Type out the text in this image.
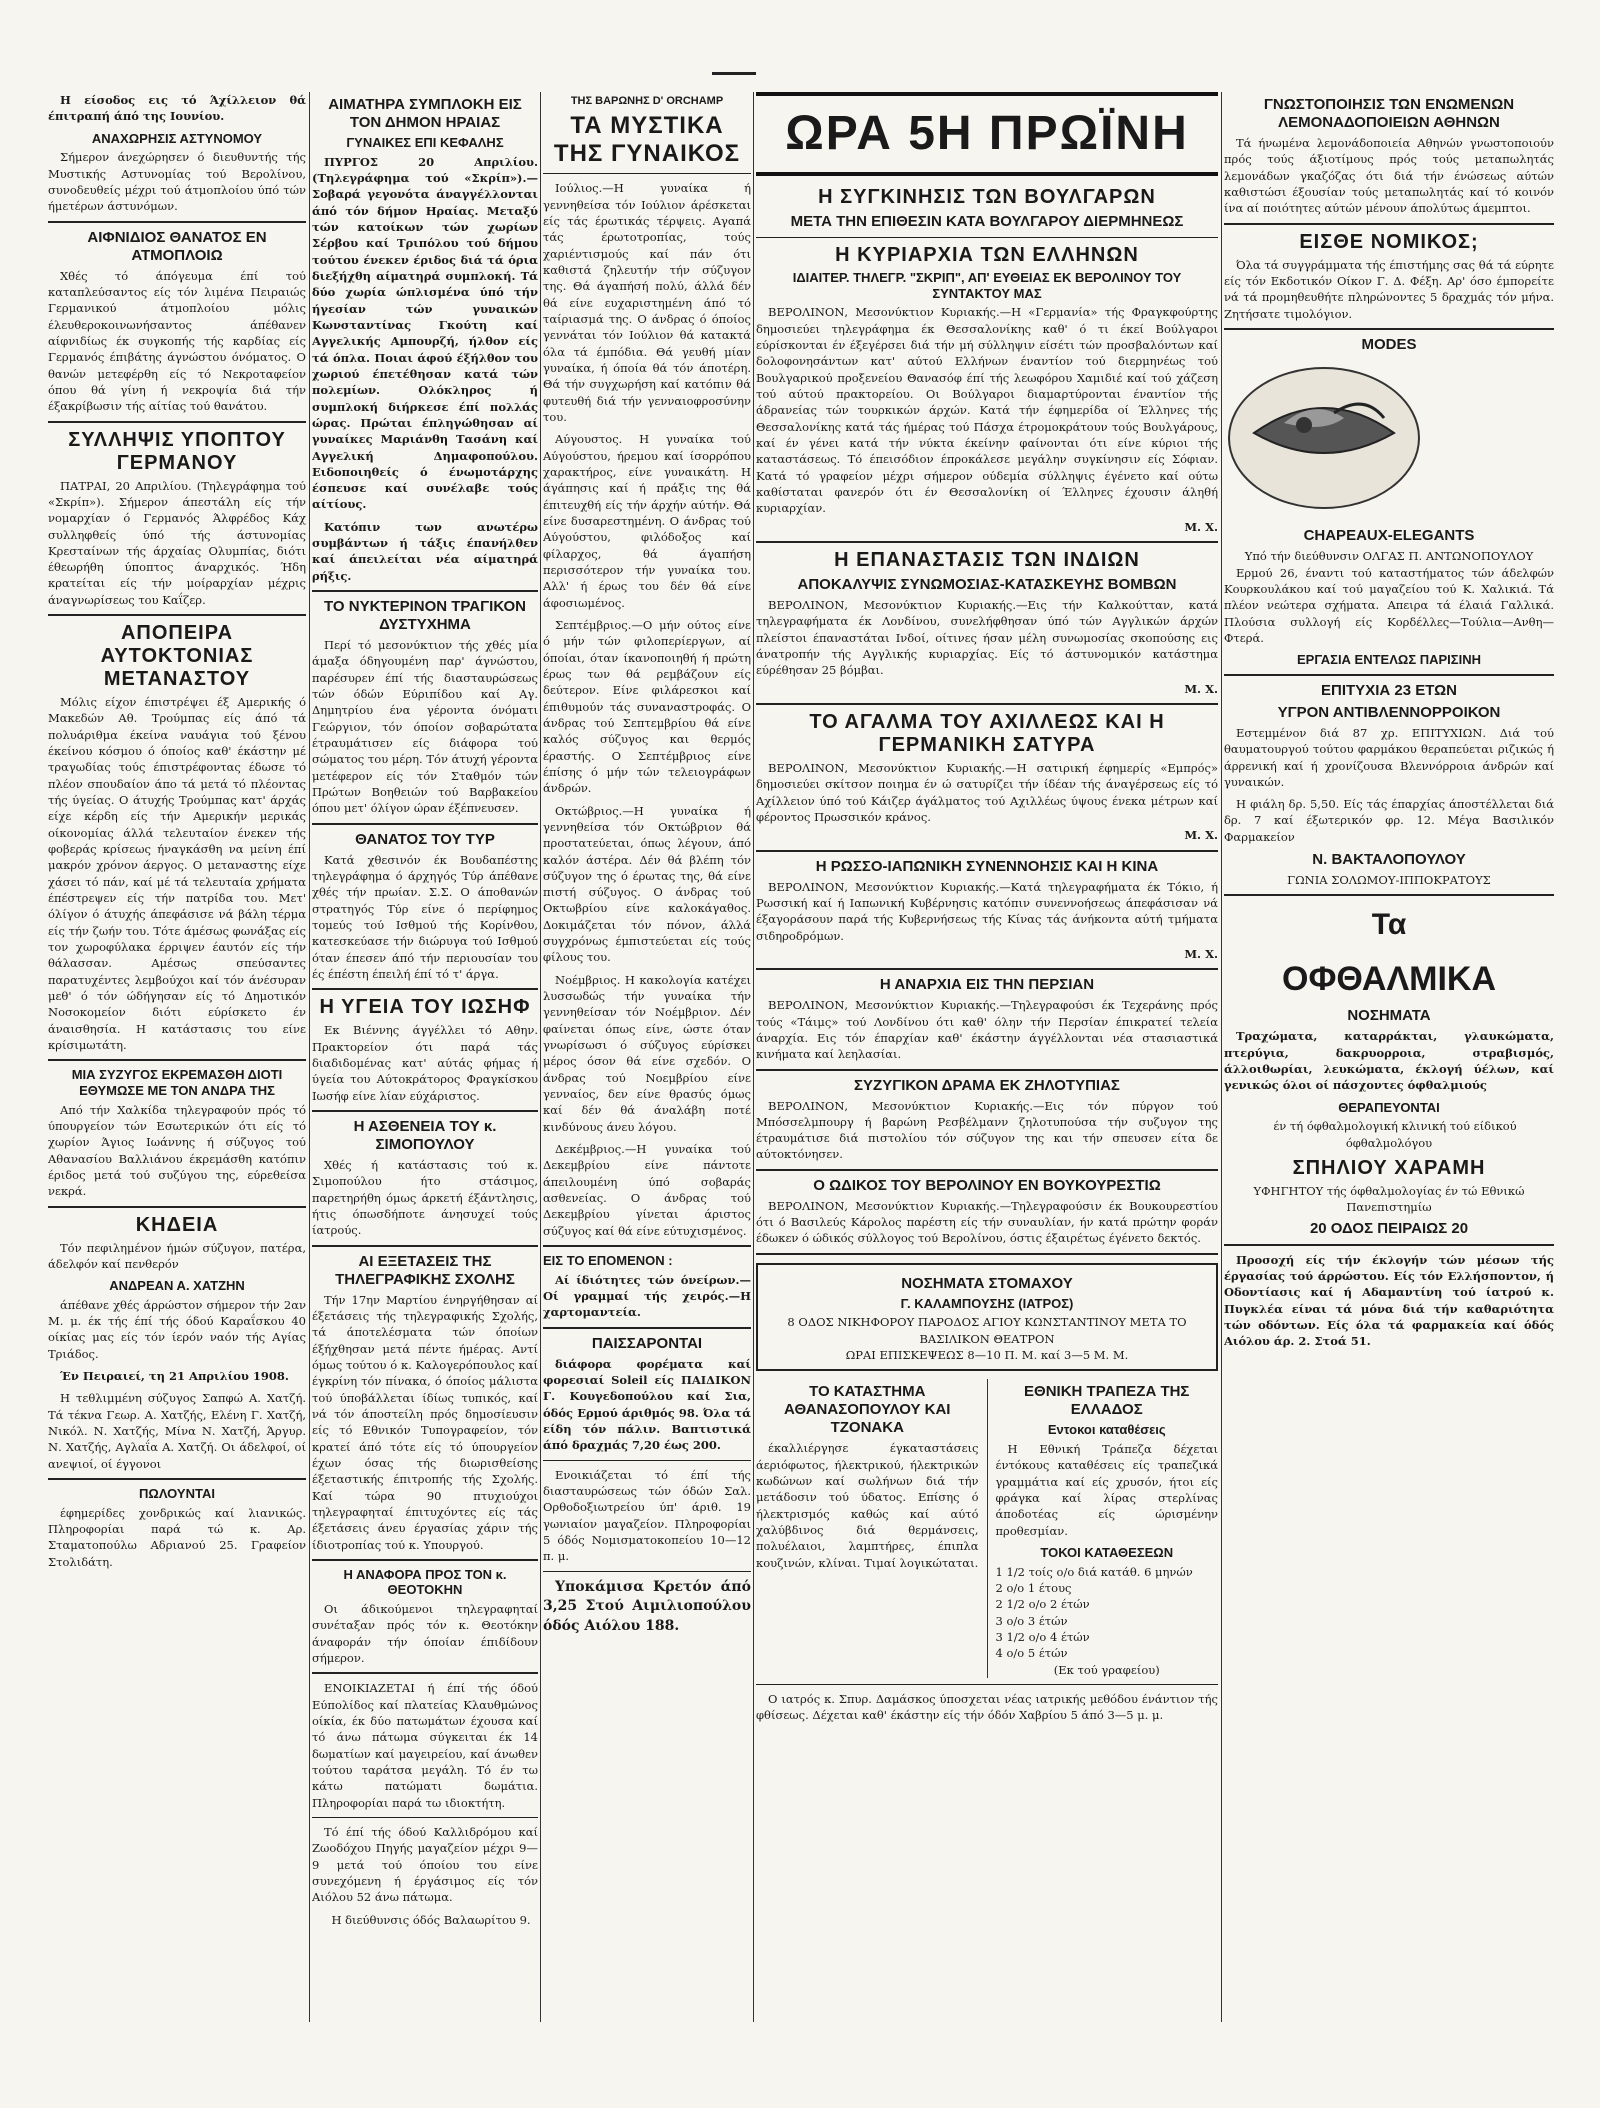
Η είσοδος εις τό Άχίλλειον θά έπιτραπή άπό της Ιουνίου.

ΑΝΑΧΩΡΗΣΙΣ ΑΣΤΥΝΟΜΟΥ

Σήμερον άνεχώρησεν ό διευθυντής τής Μυστικής Αστυνομίας τού Βερολίνου, συνοδευθείς μέχρι τού άτμοπλοίου ύπό τών ήμετέρων άστυνόμων.

ΑΙΦΝΙΔΙΟΣ ΘΑΝΑΤΟΣ ΕΝ ΑΤΜΟΠΛΟΙΩ

Χθές τό άπόγευμα έπί τού καταπλεύσαντος είς τόν λιμένα Πειραιώς Γερμανικού άτμοπλοίου μόλις έλευθεροκοινωνήσαντος άπέθανεν αίφνιδίως έκ συγκοπής τής καρδίας είς Γερμανός έπιβάτης άγνώστου όνόματος. Ο θανών μετεφέρθη είς τό Νεκροταφείον όπου θά γίνη ή νεκροψία διά τήν έξακρίβωσιν τής αίτίας τού θανάτου.

ΣΥΛΛΗΨΙΣ ΥΠΟΠΤΟΥ ΓΕΡΜΑΝΟΥ

ΠΑΤΡΑΙ, 20 Απριλίου. (Τηλεγράφημα τού «Σκρίπ»). Σήμερον άπεστάλη είς τήν νομαρχίαν ό Γερμανός Άλφρέδος Κάχ συλληφθείς ύπό τής άστυνομίας Κρεσταίνων τής άρχαίας Ολυμπίας, διότι έθεωρήθη ύποπτος άναρχικός. Ήδη κρατείται είς τήν μοίραρχίαν μέχρις άναγνωρίσεως του Καΐζερ.

ΑΠΟΠΕΙΡΑ ΑΥΤΟΚΤΟΝΙΑΣ ΜΕΤΑΝΑΣΤΟΥ

Μόλις είχον έπιστρέψει έξ Αμερικής ό Μακεδών Αθ. Τρούμπας είς άπό τά πολυάριθμα έκείνα ναυάγια τού ξένου έκείνου κόσμου ό όποίος καθ' έκάστην μέ τραγωδίας τούς έπιστρέφοντας έδωσε τό πλέον σπουδαίον άπο τά μετά τό πλέοντας τής ύγείας. Ο άτυχής Τρούμπας κατ' άρχάς είχε κέρδη είς τήν Αμερικήν μερικάς οίκονομίας άλλά τελευταίον ένεκεν τής φοβεράς κρίσεως ήναγκάσθη να μείνη έπί μακρόν χρόνον άεργος. Ο μεταναστης είχε χάσει τό πάν, καί μέ τά τελευταία χρήματα έπέστρεψεν είς τήν πατρίδα του. Μετ' όλίγον ό άτυχής άπεφάσισε νά βάλη τέρμα είς τήν ζωήν του. Τότε άμέσως φωνάξας είς τον χωροφύλακα έρριψεν έαυτόν είς τήν θάλασσαν. Αμέσως σπεύσαντες παρατυχέντες λεμβούχοι καί τόν άνέσυραν μεθ' ό τόν ώδήγησαν είς τό Δημοτικόν Νοσοκομείον διότι εύρίσκετο έν άναισθησία. Η κατάστασις του είνε κρίσιμωτάτη.

ΜΙΑ ΣΥΖΥΓΟΣ ΕΚΡΕΜΑΣΘΗ ΔΙΟΤΙ ΕΘΥΜΩΣΕ ΜΕ ΤΟΝ ΑΝΔΡΑ ΤΗΣ

Από τήν Χαλκίδα τηλεγραφούν πρός τό ύπουργείον τών Εσωτερικών ότι είς τό χωρίον Άγιος Ιωάννης ή σύζυγος τού Αθανασίου Βαλλιάνου έκρεμάσθη κατόπιν έριδος μετά τού συζύγου της, εύρεθείσα νεκρά.

ΚΗΔΕΙΑ

Τόν πεφιλημένον ήμών σύζυγον, πατέρα, άδελφόν καί πενθερόν

ΑΝΔΡΕΑΝ Α. ΧΑΤΖΗΝ

άπέθανε χθές άρρώστον σήμερον τήν 2αν Μ. μ. έκ τής έπί τής όδού Καραΐσκου 40 οίκίας μας είς τόν ίερόν ναόν τής Αγίας Τριάδος.

Έν Πειραιεί, τη 21 Απριλίου 1908.

Η τεθλιμμένη σύζυγος Σαπφώ Α. Χατζή. Τά τέκνα Γεωρ. Α. Χατζής, Ελένη Γ. Χατζή, Νικόλ. Ν. Χατζής, Μίνα Ν. Χατζή, Άργυρ. Ν. Χατζής, Αγλαΐα Α. Χατζή. Οι άδελφοί, οί ανεψιοί, οί έγγονοι

ΠΩΛΟΥΝΤΑΙ

έφημερίδες χονδρικώς καί λιανικώς. Πληροφορίαι παρά τώ κ. Αρ. Σταματοπούλω Αδριανού 25. Γραφείον Στολιδάτη.

ΑΙΜΑΤΗΡΑ ΣΥΜΠΛΟΚΗ ΕΙΣ ΤΟΝ ΔΗΜΟΝ ΗΡΑΙΑΣ
ΓΥΝΑΙΚΕΣ ΕΠΙ ΚΕΦΑΛΗΣ

ΠΥΡΓΟΣ 20 Απριλίου. (Τηλεγράφημα τού «Σκρίπ»).— Σοβαρά γεγονότα άναγγέλλονται άπό τόν δήμον Ηραίας. Μεταξύ τών κατοίκων τών χωρίων Σέρβου καί Τριπόλου τού δήμου τούτου ένεκεν έριδος διά τά όρια διεξήχθη αίματηρά συμπλοκή. Τά δύο χωρία ώπλισμένα ύπό τήν ήγεσίαν τών γυναικών Κωνσταντίνας Γκούτη καί Αγγελικής Αμπουρζή, ήλθον είς τά όπλα. Ποιαι άφού έξήλθον του χωριού έπετέθησαν κατά τών πολεμίων. Ολόκληρος ή συμπλοκή διήρκεσε έπί πολλάς ώρας. Πρώται έπληγώθησαν αί γυναίκες Μαριάνθη Τασάνη καί Αγγελική Δημαφοπούλου. Ειδοποιηθείς ό ένωμοτάρχης έσπευσε καί συνέλαβε τούς αίτίους.

Κατόπιν των ανωτέρω συμβάντων ή τάξις έπανήλθεν καί άπειλείται νέα αίματηρά ρήξις.

ΤΟ ΝΥΚΤΕΡΙΝΟΝ ΤΡΑΓΙΚΟΝ ΔΥΣΤΥΧΗΜΑ

Περί τό μεσονύκτιον τής χθές μία άμαξα όδηγουμένη παρ' άγνώστου, παρέσυρεν έπί τής διασταυρώσεως τών όδών Εύριπίδου καί Αγ. Δημητρίου ένα γέροντα όνόματι Γεώργιον, τόν όποίον σοβαρώτατα έτραυμάτισεν είς διάφορα τού σώματος του μέρη. Τόν άτυχή γέροντα μετέφερον είς τόν Σταθμόν τών Πρώτων Βοηθειών τού Βαρβακείου όπου μετ' όλίγον ώραν έξέπνευσεν.

ΘΑΝΑΤΟΣ ΤΟΥ ΤΥΡ

Κατά χθεσινόν έκ Βουδαπέστης τηλεγράφημα ό άρχηγός Τύρ άπέθανε χθές τήν πρωίαν. Σ.Σ. Ο άποθανών στρατηγός Τύρ είνε ό περίφημος τομεύς τού Ισθμού τής Κορίνθου, κατεσκεύασε τήν διώρυγα τού Ισθμού όταν έπεσεν άπό τήν περιουσίαν του ές έπέστη έπειλή έπί τό τ' άργα.

Η ΥΓΕΙΑ ΤΟΥ ΙΩΣΗΦ

Εκ Βιέννης άγγέλλει τό Αθην. Πρακτορείον ότι παρά τάς διαδιδομένας κατ' αύτάς φήμας ή ύγεία του Αύτοκράτορος Φραγκίσκου Ιωσήφ είνε λίαν εύχάριστος.

Η ΑΣΘΕΝΕΙΑ ΤΟΥ κ. ΣΙΜΟΠΟΥΛΟΥ

Χθές ή κατάστασις τού κ. Σιμοπούλου ήτο στάσιμος, παρετηρήθη όμως άρκετή έξάντλησις, ήτις όπωσδήποτε άνησυχεί τούς ίατρούς.

ΑΙ ΕΞΕΤΑΣΕΙΣ ΤΗΣ ΤΗΛΕΓΡΑΦΙΚΗΣ ΣΧΟΛΗΣ

Τήν 17ην Μαρτίου ένηργήθησαν αί έξετάσεις τής τηλεγραφικής Σχολής, τά άποτελέσματα τών όποίων έξήχθησαν μετά πέντε ήμέρας. Αντί όμως τούτου ό κ. Καλογερόπουλος καί έγκρίνη τόν πίνακα, ό όποίος μάλιστα τού ύποβάλλεται ίδίως τυπικός, καί νά τόν άποστείλη πρός δημοσίευσιν είς τό Εθνικόν Τυπογραφείον, τόν κρατεί άπό τότε είς τό ύπουργείον έχων όσας τής διωρισθείσης έξεταστικής έπιτροπής τής Σχολής. Καί τώρα 90 πτυχιούχοι τηλεγραφηταί έπιτυχόντες είς τάς έξετάσεις άνευ έργασίας χάριν τής ίδιοτροπίας τού κ. Υπουργού.

Η ΑΝΑΦΟΡΑ ΠΡΟΣ ΤΟΝ κ. ΘΕΟΤΟΚΗΝ

Οι άδικούμενοι τηλεγραφηταί συνέταξαν πρός τόν κ. Θεοτόκην άναφοράν τήν όποίαν έπιδίδουν σήμερον.

ΕΝΟΙΚΙΑΖΕΤΑΙ ή έπί τής όδού Εύπολίδος καί πλατείας Κλαυθμώνος οίκία, έκ δύο πατωμάτων έχουσα καί τό άνω πάτωμα σύγκειται έκ 14 δωματίων καί μαγειρείου, καί άνωθεν τούτου ταράτσα μεγάλη. Τό έν τω κάτω πατώματι δωμάτια. Πληροφορίαι παρά τω ιδιοκτήτη.

Τό έπί τής όδού Καλλιδρόμου καί Ζωοδόχου Πηγής μαγαζείον μέχρι 9—9 μετά τού όποίου του είνε συνεχόμενη ή έργάσιμος είς τόν Αιόλου 52 άνω πάτωμα.

Η διεύθυνσις όδός Βαλαωρίτου 9.

ΤΗΣ ΒΑΡΩΝΗΣ D' ORCHAMP
ΤΑ ΜΥΣΤΙΚΑ ΤΗΣ ΓΥΝΑΙΚΟΣ

Ιούλιος.—Η γυναίκα ή γεννηθείσα τόν Ιούλιον άρέσκεται είς τάς έρωτικάς τέρψεις. Αγαπά τάς έρωτοτροπίας, τούς χαριέντισμούς καί πάν ότι καθιστά ζηλευτήν τήν σύζυγον της. Θά άγαπήσή πολύ, άλλά δέν θά είνε ευχαριστημένη άπό τό ταίριασμά της. Ο άνδρας ό όποίος γεννάται τόν Ιούλιον θά κατακτά όλα τά έμπόδια. Θά γευθή μίαν γυναίκα, ή όποία θά τόν άποτέρη. Θά τήν συγχωρήση καί κατόπιν θά φυτευθή διά τήν γενναιοφροσύνην του.

Αύγουστος. Η γυναίκα τού Αύγούστου, ήρεμου καί ίσορρόπου χαρακτήρος, είνε γυναικάτη. Η άγάπησις καί ή πράξις της θά έπιτευχθή είς τήν άρχήν αύτήν. Θά είνε δυσαρεστημένη. Ο άνδρας τού Αύγούστου, φιλόδοξος καί φίλαρχος, θά άγαπήση περισσότερον τήν γυναίκα του. Αλλ' ή έρως του δέν θά είνε άφοσιωμένος.

Σεπτέμβριος.—Ο μήν ούτος είνε ό μήν τών φιλοπερίεργων, αί όποίαι, όταν ίκανοποιηθή ή πρώτη έρως των θά ρεμβάζουν είς δεύτερον. Είνε φιλάρεσκοι καί έπιθυμούν τάς συναναστροφάς. Ο άνδρας τού Σεπτεμβρίου θά είνε καλός σύζυγος και θερμός έραστής. Ο Σεπτέμβριος είνε έπίσης ό μήν τών τελειογράφων άνδρών.

Οκτώβριος.—Η γυναίκα ή γεννηθείσα τόν Οκτώβριον θά προστατεύεται, όπως λέγουν, άπό καλόν άστέρα. Δέν θά βλέπη τόν σύζυγον της ό έρωτας της, θά είνε πιστή σύζυγος. Ο άνδρας τού Οκτωβρίου είνε καλοκάγαθος. Δοκιμάζεται τόν πόνον, άλλά συγχρόνως έμπιστεύεται είς τούς φίλους του.

Νοέμβριος. Η κακολογία κατέχει λυσσωδώς τήν γυναίκα τήν γεννηθείσαν τόν Νοέμβριον. Δέν φαίνεται όπως είνε, ώστε όταν γνωρίσωσι ό σύζυγος εύρίσκει μέρος όσον θά είνε σχεδόν. Ο άνδρας τού Νοεμβρίου είνε γενναίος, δεν είνε θρασύς όμως καί δέν θά άναλάβη ποτέ κινδύνους άνευ λόγου.

Δεκέμβριος.—Η γυναίκα τού Δεκεμβρίου είνε πάντοτε άπειλουμένη ύπό σοβαράς ασθενείας. Ο άνδρας τού Δεκεμβρίου γίνεται άριστος σύζυγος καί θά είνε εύτυχισμένος.

ΕΙΣ ΤΟ ΕΠΟΜΕΝΟΝ :

Αί ίδιότητες τών όνείρων.— Οί γραμμαί τής χειρός.—Η χαρτομαντεία.

ΠΑΙΣΣΑΡΟΝΤΑΙ

διάφορα φορέματα καί φορεσιαί Soleil είς ΠΑΙΔΙΚΟΝ Γ. Κουγεδοπούλου καί Σια, όδός Ερμού άριθμός 98. Όλα τά είδη τόν πάλιν. Βαπτιστικά άπό δραχμάς 7,20 έως 200.

Ενοικιάζεται τό έπί τής διασταυρώσεως τών όδών Σαλ. Ορθοδοξιωτρείου ύπ' άριθ. 19 γωνιαίον μαγαζείον. Πληροφορίαι 5 όδός Νομισματοκοπείου 10—12 π. μ.

Υποκάμισα Κρετόν άπό 3,25 Στού Αιμιλιοπούλου όδός Αιόλου 188.

ΩΡΑ 5Η ΠΡΩΪΝΗ
Η ΣΥΓΚΙΝΗΣΙΣ ΤΩΝ ΒΟΥΛΓΑΡΩΝ
ΜΕΤΑ ΤΗΝ ΕΠΙΘΕΣΙΝ ΚΑΤΑ ΒΟΥΛΓΑΡΟΥ ΔΙΕΡΜΗΝΕΩΣ
Η ΚΥΡΙΑΡΧΙΑ ΤΩΝ ΕΛΛΗΝΩΝ
ΙΔΙΑΙΤΕΡ. ΤΗΛΕΓΡ. "ΣΚΡΙΠ", ΑΠ' ΕΥΘΕΙΑΣ ΕΚ ΒΕΡΟΛΙΝΟΥ ΤΟΥ ΣΥΝΤΑΚΤΟΥ ΜΑΣ

ΒΕΡΟΛΙΝΟΝ, Μεσονύκτιον Κυριακής.—Η «Γερμανία» τής Φραγκφούρτης δημοσιεύει τηλεγράφημα έκ Θεσσαλονίκης καθ' ό τι έκεί Βούλγαροι εύρίσκονται έν έξεγέρσει διά τήν μή σύλληψιν είσέτι τών προσβαλόντων καί δολοφονησάντων κατ' αύτού Ελλήνων έναντίον τού διερμηνέως τού Βουλγαρικού προξενείου Θανασόφ έπί τής λεωφόρου Χαμιδιέ καί τού χάζεση τού αύτού πρακτορείου. Οι Βούλγαροι διαμαρτύρονται έναντίον τής άδρανείας τών τουρκικών άρχών. Κατά τήν έφημερίδα οί Έλληνες τής Θεσσαλονίκης κατά τάς ήμέρας τού Πάσχα έτρομοκράτουν τούς Βουλγάρους, καί έν γένει κατά τήν νύκτα έκείνην φαίνονται ότι είνε κύριοι τής καταστάσεως. Τό έπεισόδιον έπροκάλεσε μεγάλην συγκίνησιν είς Σόφιαν. Κατά τό γραφείον μέχρι σήμερον ούδεμία σύλληψις έγένετο καί ούτω καθίσταται φανερόν ότι έν Θεσσαλονίκη οί Έλληνες έχουσιν άληθή κυριαρχίαν.

Μ. Χ.
Η ΕΠΑΝΑΣΤΑΣΙΣ ΤΩΝ ΙΝΔΙΩΝ
ΑΠΟΚΑΛΥΨΙΣ ΣΥΝΩΜΟΣΙΑΣ-ΚΑΤΑΣΚΕΥΗΣ ΒΟΜΒΩΝ

ΒΕΡΟΛΙΝΟΝ, Μεσονύκτιον Κυριακής.—Εις τήν Καλκούτταν, κατά τηλεγραφήματα έκ Λονδίνου, συνελήφθησαν ύπό τών Αγγλικών άρχών πλείστοι έπαναστάται Ινδοί, οίτινες ήσαν μέλη συνωμοσίας σκοπούσης εις άνατροπήν τής Αγγλικής κυριαρχίας. Είς τό άστυνομικόν κατάστημα εύρέθησαν 25 βόμβαι.

Μ. Χ.
ΤΟ ΑΓΑΛΜΑ ΤΟΥ ΑΧΙΛΛΕΩΣ ΚΑΙ Η ΓΕΡΜΑΝΙΚΗ ΣΑΤΥΡΑ

ΒΕΡΟΛΙΝΟΝ, Μεσονύκτιον Κυριακής.—Η σατιρική έφημερίς «Εμπρός» δημοσιεύει σκίτσον ποιημα έν ώ σατυρίζει τήν ίδέαν τής άναγέρσεως είς τό Αχίλλειον ύπό τού Κάιζερ άγάλματος τού Αχιλλέως ύψους ένεκα μέτρων καί φέροντος Πρωσσικόν κράνος.

Μ. Χ.
Η ΡΩΣΣΟ-ΙΑΠΩΝΙΚΗ ΣΥΝΕΝΝΟΗΣΙΣ ΚΑΙ Η ΚΙΝΑ

ΒΕΡΟΛΙΝΟΝ, Μεσονύκτιον Κυριακής.—Κατά τηλεγραφήματα έκ Τόκιο, ή Ρωσσική καί ή Ιαπωνική Κυβέρνησις κατόπιν συνεννοήσεως άπεφάσισαν νά έξαγοράσουν παρά τής Κυβερνήσεως τής Κίνας τάς άνήκοντα αύτή τμήματα σιδηροδρόμων.

Μ. Χ.
Η ΑΝΑΡΧΙΑ ΕΙΣ ΤΗΝ ΠΕΡΣΙΑΝ

ΒΕΡΟΛΙΝΟΝ, Μεσονύκτιον Κυριακής.—Τηλεγραφούσι έκ Τεχεράνης πρός τούς «Τάιμς» τού Λονδίνου ότι καθ' όλην τήν Περσίαν έπικρατεί τελεία άναρχία. Εις τόν έπαρχίαν καθ' έκάστην άγγέλλονται νέα στασιαστικά κινήματα καί λεηλασίαι.

ΣΥΖΥΓΙΚΟΝ ΔΡΑΜΑ ΕΚ ΖΗΛΟΤΥΠΙΑΣ

ΒΕΡΟΛΙΝΟΝ, Μεσονύκτιον Κυριακής.—Εις τόν πύργον τού Μπόσσελμπουργ ή βαρώνη Ρεσβέλμανν ζηλοτυπούσα τήν συζυγον της έτραυμάτισε διά πιστολίου τόν σύζυγον της και τήν σπευσεν είτα δε αύτοκτόνησεν.

Ο ΩΔΙΚΟΣ ΤΟΥ ΒΕΡΟΛΙΝΟΥ ΕΝ ΒΟΥΚΟΥΡΕΣΤΙΩ

ΒΕΡΟΛΙΝΟΝ, Μεσονύκτιον Κυριακής.—Τηλεγραφούσιν έκ Βουκουρεστίου ότι ό Βασιλεύς Κάρολος παρέστη είς τήν συναυλίαν, ήν κατά πρώτην φοράν έδωκεν ό ώδικός σύλλογος τού Βερολίνου, όστις έξαιρέτως έγένετο δεκτός.

ΝΟΣΗΜΑΤΑ ΣΤΟΜΑΧΟΥ
Γ. ΚΑΛΑΜΠΟΥΣΗΣ (ΙΑΤΡΟΣ)
8 ΟΔΟΣ ΝΙΚΗΦΟΡΟΥ ΠΑΡΟΔΟΣ ΑΓΙΟΥ ΚΩΝΣΤΑΝΤΙΝΟΥ ΜΕΤΑ ΤΟ ΒΑΣΙΛΙΚΟΝ ΘΕΑΤΡΟΝ
ΩΡΑΙ ΕΠΙΣΚΕΨΕΩΣ 8—10 Π. Μ. καί 3—5 Μ. Μ.
ΤΟ ΚΑΤΑΣΤΗΜΑ ΑΘΑΝΑΣΟΠΟΥΛΟΥ ΚΑΙ ΤΖΟΝΑΚΑ

έκαλλιέργησε έγκαταστάσεις άεριόφωτος, ήλεκτρικού, ήλεκτρικών κωδώνων καί σωλήνων διά τήν μετάδοσιν τού ύδατος. Επίσης ό ήλεκτρισμός καθώς καί αύτό χαλύβδινος διά θερμάνσεις, πολυέλαιοι, λαμπτήρες, έπιπλα κουζινών, κλίναι. Τιμαί λογικώταται.

ΕΘΝΙΚΗ ΤΡΑΠΕΖΑ ΤΗΣ ΕΛΛΑΔΟΣ
Εντοκοι καταθέσεις

Η Εθνική Τράπεζα δέχεται έντόκους καταθέσεις είς τραπεζικά γραμμάτια καί είς χρυσόν, ήτοι είς φράγκα καί λίρας στερλίνας άποδοτέας είς ώρισμένην προθεσμίαν.

ΤΟΚΟΙ ΚΑΤΑΘΕΣΕΩΝ
1 1/2 τοίς ο/ο διά κατάθ. 6 μηνών
2 ο/ο 1 έτους
2 1/2 ο/ο 2 έτών
3 ο/ο 3 έτών
3 1/2 ο/ο 4 έτών
4 ο/ο 5 έτών
(Εκ τού γραφείου)

Ο ιατρός κ. Σπυρ. Δαμάσκος ύποσχεται νέας ιατρικής μεθόδου ένάντιον τής φθίσεως. Δέχεται καθ' έκάστην είς τήν όδόν Χαβρίου 5 άπό 3—5 μ. μ.

ΓΝΩΣΤΟΠΟΙΗΣΙΣ ΤΩΝ ΕΝΩΜΕΝΩΝ ΛΕΜΟΝΑΔΟΠΟΙΕΙΩΝ ΑΘΗΝΩΝ

Τά ήνωμένα λεμονάδοποιεία Αθηνών γνωστοποιούν πρός τούς άξιοτίμους πρός τούς μεταπωλητάς λεμονάδων γκαζόζας ότι διά τήν ένώσεως αύτών καθιστώσι έξουσίαν τούς μεταπωλητάς καί τό κοινόν ίνα αί ποιότητες αύτών μένουν άπολύτως άμεμπτοι.

ΕΙΣΘΕ ΝΟΜΙΚΟΣ;

Όλα τά συγγράμματα τής έπιστήμης σας θά τά εύρητε είς τόν Εκδοτικόν Οίκον Γ. Δ. Φέξη. Αρ' όσο έμπορείτε νά τά προμηθευθήτε πληρώνοντες 5 δραχμάς τόν μήνα. Ζητήσατε τιμολόγιον.

MODES
CHAPEAUX-ELEGANTS
Υπό τήν διεύθυνσιν ΟΛΓΑΣ Π. ΑΝΤΩΝΟΠΟΥΛΟΥ

Ερμού 26, έναντι τού καταστήματος τών άδελφών Κουρκουλάκου καί τού μαγαζείου τού Κ. Χαλικιά. Τά πλέον νεώτερα σχήματα. Απειρα τά έλαιά Γαλλικά. Πλούσια συλλογή είς Κορδέλλες—Τούλια—Ανθη—Φτερά.

ΕΡΓΑΣΙΑ ΕΝΤΕΛΩΣ ΠΑΡΙΣΙΝΗ
ΕΠΙΤΥΧΙΑ 23 ΕΤΩΝ
ΥΓΡΟΝ ΑΝΤΙΒΛΕΝΝΟΡΡΟΙΚΟΝ

Εστεμμένον διά 87 χρ. ΕΠΙΤΥΧΙΩΝ. Διά τού θαυματουργού τούτου φαρμάκου θεραπεύεται ριζικώς ή άρρενική καί ή χρονίζουσα Βλεννόρροια άνδρών καί γυναικών.

Η φιάλη δρ. 5,50. Είς τάς έπαρχίας άποστέλλεται διά δρ. 7 καί έξωτερικόν φρ. 12. Μέγα Βασιλικόν Φαρμακείον

Ν. ΒΑΚΤΑΛΟΠΟΥΛΟΥ
ΓΩΝΙΑ ΣΟΛΩΜΟΥ-ΙΠΠΟΚΡΑΤΟΥΣ
Τα
ΟΦΘΑΛΜΙΚΑ
ΝΟΣΗΜΑΤΑ

Τραχώματα, καταρράκται, γλαυκώματα, πτερύγια, δακρυορροια, στραβισμός, άλλοιθωρίαι, λευκώματα, έκλογή ύέλων, καί γενικώς όλοι οί πάσχοντες όφθαλμιούς

ΘΕΡΑΠΕΥΟΝΤΑΙ

έν τή όφθαλμολογική κλινική τού είδικού όφθαλμολόγου

ΣΠΗΛΙΟΥ ΧΑΡΑΜΗ
ΥΦΗΓΗΤΟΥ τής όφθαλμολογίας έν τώ Εθνικώ Πανεπιστημίω
20 ΟΔΟΣ ΠΕΙΡΑΙΩΣ 20

Προσοχή είς τήν έκλογήν τών μέσων τής έργασίας τού άρρώστου. Είς τόν Ελλήσποντον, ή Οδοντίασις καί ή Αδαμαντίνη τού ίατρού κ. Πυγκλέα είναι τά μόνα διά τήν καθαριότητα τών οδόντων. Είς όλα τά φαρμακεία καί όδός Αιόλου άρ. 2. Στοά 51.
